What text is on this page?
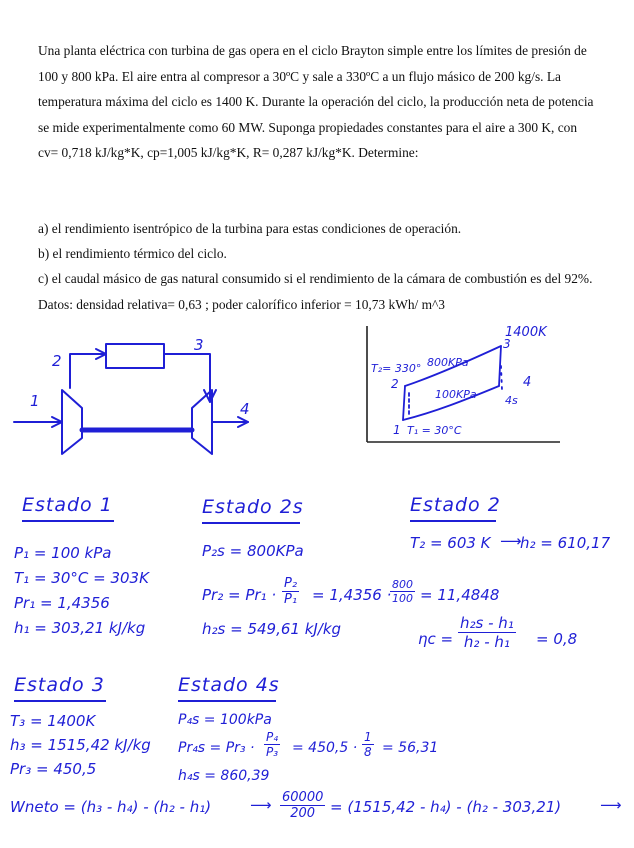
Una planta eléctrica con turbina de gas opera en el ciclo Brayton simple entre los límites de presión de 100 y 800 kPa. El aire entra al compresor a 30ºC y sale a 330ºC a un flujo másico de 200 kg/s. La temperatura máxima del ciclo es 1400 K. Durante la operación del ciclo, la producción neta de potencia se mide experimentalmente como 60 MW. Suponga propiedades constantes para el aire a 300 K, con cv= 0,718 kJ/kg*K, cp=1,005 kJ/kg*K, R= 0,287 kJ/kg*K. Determine:

a) el rendimiento isentrópico de la turbina para estas condiciones de operación.

b) el rendimiento térmico del ciclo.

c) el caudal másico de gas natural consumido si el rendimiento de la cámara de combustión es del 92%. Datos: densidad relativa= 0,63 ; poder calorífico inferior = 10,73 kWh/ m^3

1
2
3
4
1400K
3
T₂= 330° 800KPa
2
100KPa
4
4s
1 T₁ = 30°C
Estado 1
P₁ = 100 kPa
T₁ = 30°C = 303K
Pr₁ = 1,4356
h₁ = 303,21 kJ/kg
Estado 2s
P₂s = 800KPa
$Pr_2 = Pr_1 \cdot \frac{\text{P₂}}{\text{P₁}} = 1,4356$ ·
$\frac{800}{100} = 11,4848$
h₂s = 549,61 kJ/kg
Estado 2
T₂ = 603 K ⟶
h₂ = 610,17
$\eta c = \frac{\text{h₂s - h₁}}{\text{h₂ - h₁}} = 0,8$
Estado 3
T₃ = 1400K
h₃ = 1515,42 kJ/kg
Pr₃ = 450,5
Estado 4s
P₄s = 100kPa
$Pr_4s = Pr_3 \cdot \frac{\text{P₄}}{\text{P₃}} = 450,5 \cdot \frac{1}{8} = 56,31$
h₄s = 860,39
Wneto = (h₃ - h₄) - (h₂ - h₁)	⟶ $\frac{60000}{200} = (1515,42 - h_4) - (h_2 - 303,21)$	⟶
